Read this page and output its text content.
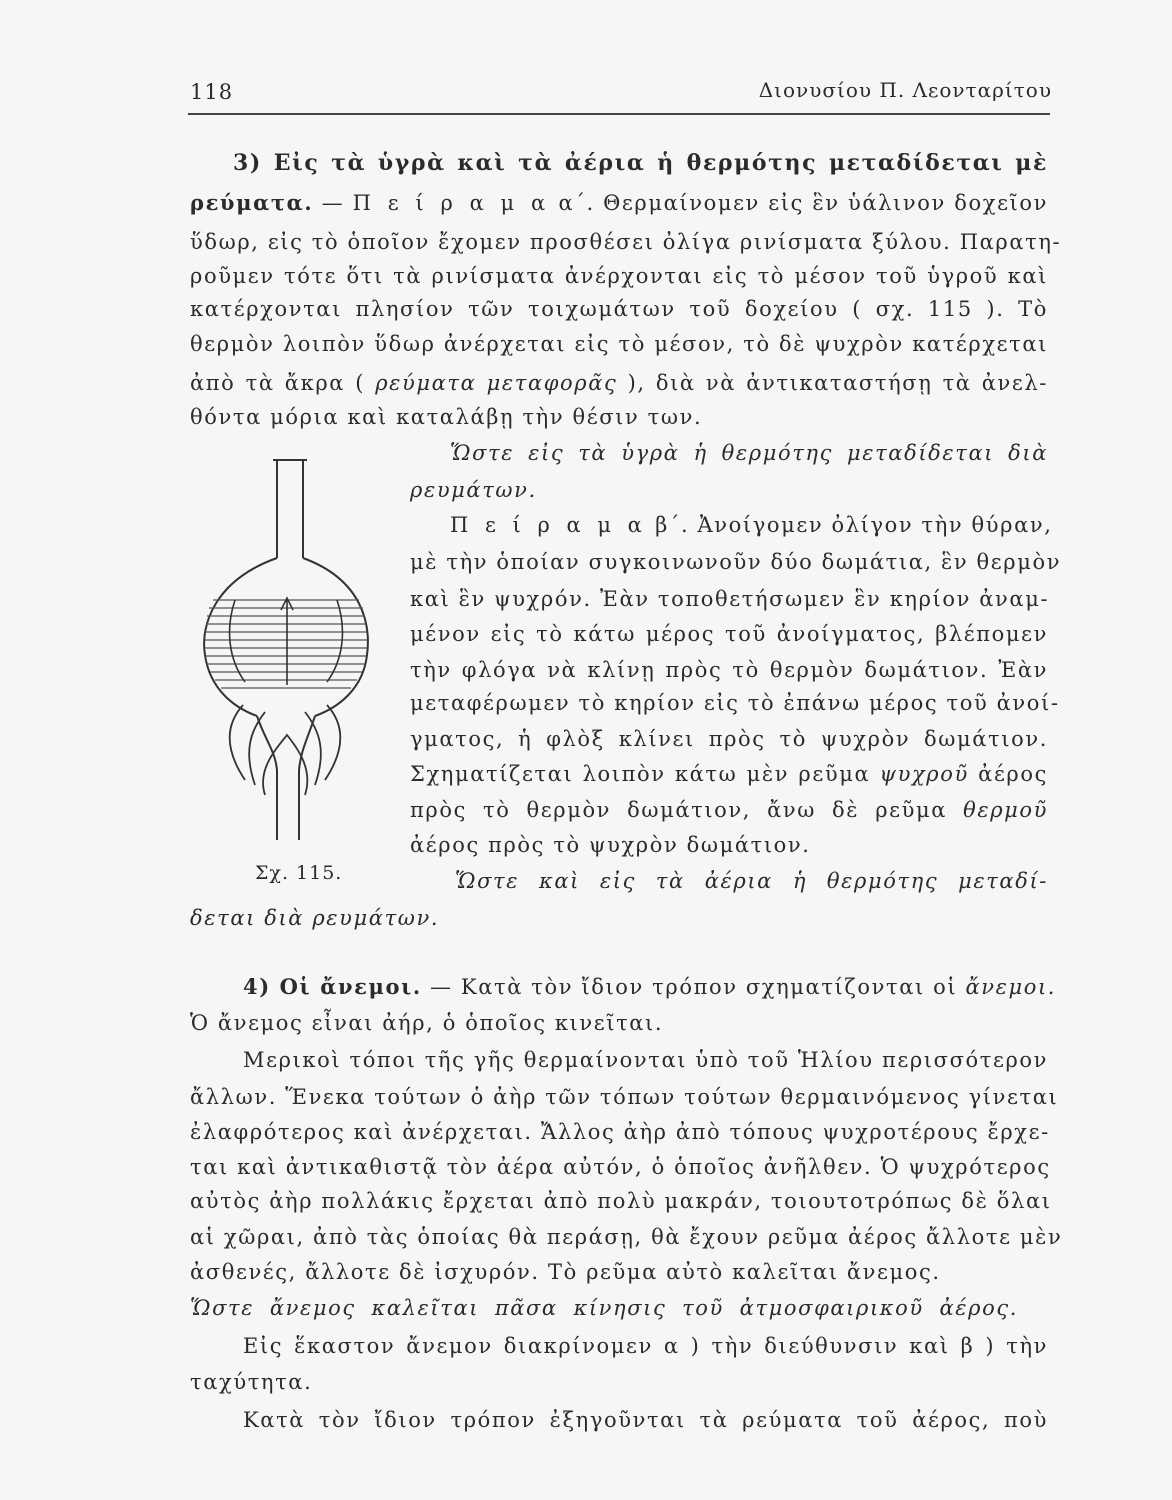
118	Διονυσίου Π. Λεονταρίτου
3) Εἰς τὰ ὑγρὰ καὶ τὰ ἀέρια ἡ θερμότης μεταδίδεται μὲ
ρεύματα. — Π ε ί ρ α μ α α΄. Θερμαίνομεν εἰς ἓν ὑάλινον δοχεῖον
ὕδωρ, εἰς τὸ ὁποῖον ἔχομεν προσθέσει ὀλίγα ρινίσματα ξύλου. Παρατη-
ροῦμεν τότε ὅτι τὰ ρινίσματα ἀνέρχονται εἰς τὸ μέσον τοῦ ὑγροῦ καὶ
κατέρχονται πλησίον τῶν τοιχωμάτων τοῦ δοχείου ( σχ. 115 ). Τὸ
θερμὸν λοιπὸν ὕδωρ ἀνέρχεται εἰς τὸ μέσον, τὸ δὲ ψυχρὸν κατέρχεται
ἀπὸ τὰ ἄκρα ( ρεύματα μεταφορᾶς ), διὰ νὰ ἀντικαταστήσῃ τὰ ἀνελ-
θόντα μόρια καὶ καταλάβῃ τὴν θέσιν των.
Ὥστε εἰς τὰ ὑγρὰ ἡ θερμότης μεταδίδεται διὰ
ρευμάτων.
Π ε ί ρ α μ α β΄. Ἀνοίγομεν ὀλίγον τὴν θύραν,
μὲ τὴν ὁποίαν συγκοινωνοῦν δύο δωμάτια, ἓν θερμὸν
καὶ ἓν ψυχρόν. Ἐὰν τοποθετήσωμεν ἓν κηρίον ἀναμ-
μένον εἰς τὸ κάτω μέρος τοῦ ἀνοίγματος, βλέπομεν
τὴν φλόγα νὰ κλίνῃ πρὸς τὸ θερμὸν δωμάτιον. Ἐὰν
μεταφέρωμεν τὸ κηρίον εἰς τὸ ἐπάνω μέρος τοῦ ἀνοί-
γματος, ἡ φλὸξ κλίνει πρὸς τὸ ψυχρὸν δωμάτιον.
Σχηματίζεται λοιπὸν κάτω μὲν ρεῦμα ψυχροῦ ἀέρος
πρὸς τὸ θερμὸν δωμάτιον, ἄνω δὲ ρεῦμα θερμοῦ
ἀέρος πρὸς τὸ ψυχρὸν δωμάτιον.
Ὥστε καὶ εἰς τὰ ἀέρια ἡ θερμότης μεταδί-
δεται διὰ ρευμάτων.
Σχ. 115.
4) Οἱ ἄνεμοι. — Κατὰ τὸν ἴδιον τρόπον σχηματίζονται οἱ ἄνεμοι.
Ὁ ἄνεμος εἶναι ἀήρ, ὁ ὁποῖος κινεῖται.
Μερικοὶ τόποι τῆς γῆς θερμαίνονται ὑπὸ τοῦ Ἡλίου περισσότερον
ἄλλων. Ἕνεκα τούτων ὁ ἀὴρ τῶν τόπων τούτων θερμαινόμενος γίνεται
ἐλαφρότερος καὶ ἀνέρχεται. Ἄλλος ἀὴρ ἀπὸ τόπους ψυχροτέρους ἔρχε-
ται καὶ ἀντικαθιστᾷ τὸν ἀέρα αὐτόν, ὁ ὁποῖος ἀνῆλθεν. Ὁ ψυχρότερος
αὐτὸς ἀὴρ πολλάκις ἔρχεται ἀπὸ πολὺ μακράν, τοιουτοτρόπως δὲ ὅλαι
αἱ χῶραι, ἀπὸ τὰς ὁποίας θὰ περάσῃ, θὰ ἔχουν ρεῦμα ἀέρος ἄλλοτε μὲν
ἀσθενές, ἄλλοτε δὲ ἰσχυρόν. Τὸ ρεῦμα αὐτὸ καλεῖται ἄνεμος.
Ὥστε ἄνεμος καλεῖται πᾶσα κίνησις τοῦ ἀτμοσφαιρικοῦ ἀέρος.
Εἰς ἕκαστον ἄνεμον διακρίνομεν α ) τὴν διεύθυνσιν καὶ β ) τὴν
ταχύτητα.
Κατὰ τὸν ἴδιον τρόπον ἐξηγοῦνται τὰ ρεύματα τοῦ ἀέρος, ποὺ
